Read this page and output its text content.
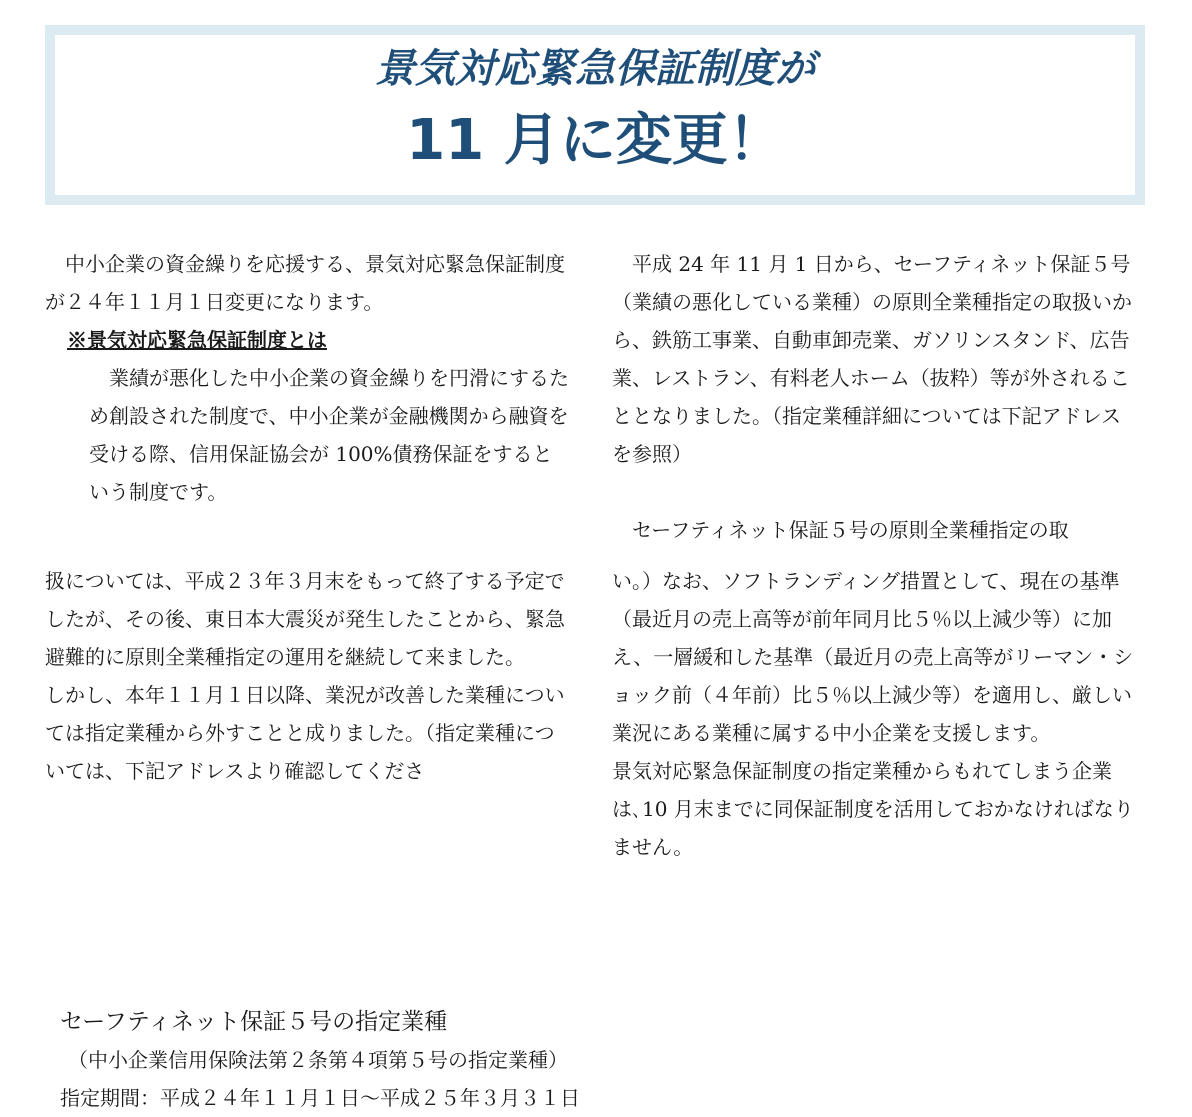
景気対応緊急保証制度が
11 月に変更！

中小企業の資金繰りを応援する、景気対応緊急保証制度が２４年１１月１日変更になります。

※景気対応緊急保証制度とは

業績が悪化した中小企業の資金繰りを円滑にするため創設された制度で、中小企業が金融機関から融資を受ける際、信用保証協会が 100%債務保証をするという制度です。

扱については、平成２３年３月末をもって終了する予定でしたが、その後、東日本大震災が発生したことから、緊急避難的に原則全業種指定の運用を継続して来ました。

しかし、本年１１月１日以降、業況が改善した業種については指定業種から外すことと成りました。（指定業種については、下記アドレスより確認してくださ

平成 24 年 11 月 1 日から、セーフティネット保証５号（業績の悪化している業種）の原則全業種指定の取扱いから、鉄筋工事業、自動車卸売業、ガソリンスタンド、広告業、レストラン、有料老人ホーム（抜粋）等が外されることとなりました。（指定業種詳細については下記アドレスを参照）

セーフティネット保証５号の原則全業種指定の取

い。）なお、ソフトランディング措置として、現在の基準（最近月の売上高等が前年同月比５％以上減少等）に加え、一層緩和した基準（最近月の売上高等がリーマン・ショック前（４年前）比５％以上減少等）を適用し、厳しい業況にある業種に属する中小企業を支援します。

景気対応緊急保証制度の指定業種からもれてしまう企業は､10 月末までに同保証制度を活用しておかなければなりません。

セーフティネット保証５号の指定業種
（中小企業信用保険法第２条第４項第５号の指定業種）
指定期間：平成２４年１１月１日～平成２５年３月３１日
